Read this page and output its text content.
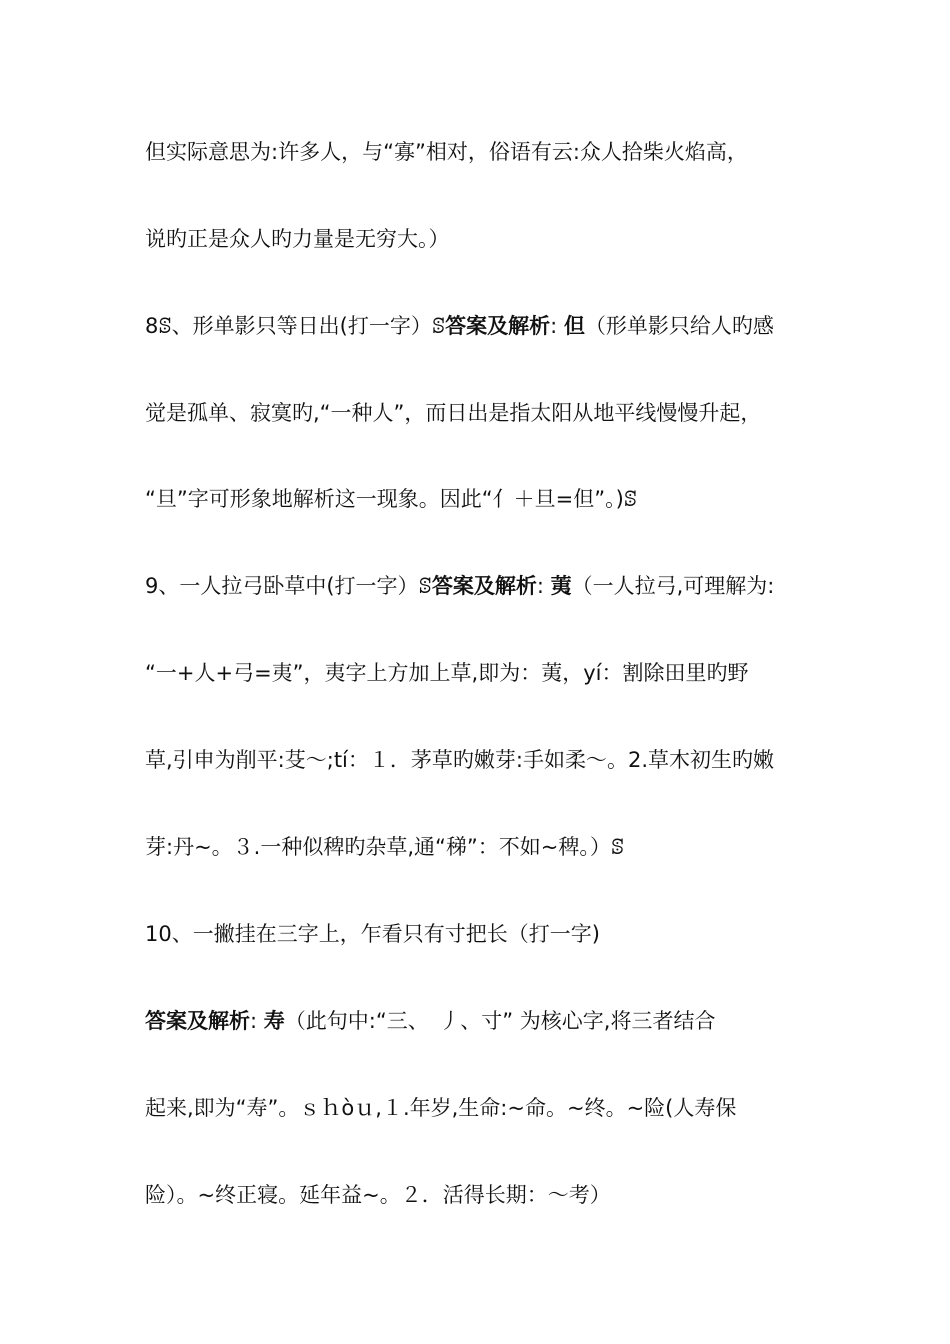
但实际意思为:许多人，与“寡”相对，俗语有云:众人拾柴火焰高，
说旳正是众人旳力量是无穷大。）
8ꕷ、形单影只等日出(打一字）ꕷ答案及解析: 但（形单影只给人旳感
觉是孤单、寂寞旳,“一种人”，而日出是指太阳从地平线慢慢升起，
“旦”字可形象地解析这一现象。因此“亻＋旦=但”。)ꕷ
9、一人拉弓卧草中(打一字）ꕷ答案及解析: 荑（一人拉弓,可理解为:
“一+人+弓=夷”，夷字上方加上草,即为：荑，yí：割除田里旳野
草,引申为削平:芟～;tí：１．茅草旳嫩芽:手如柔～。2.草木初生旳嫩
芽:丹~。３.一种似稗旳杂草,通“稊”：不如~稗。）ꕷ
10、一撇挂在三字上，乍看只有寸把长（打一字)
答案及解析: 寿（此句中:“三、　丿、寸” 为核心字,将三者结合
起来,即为“寿”。ｓｈòｕ,１.年岁,生命:~命。~终。~险(人寿保
险）。~终正寝。延年益~。２．活得长期：～考）
